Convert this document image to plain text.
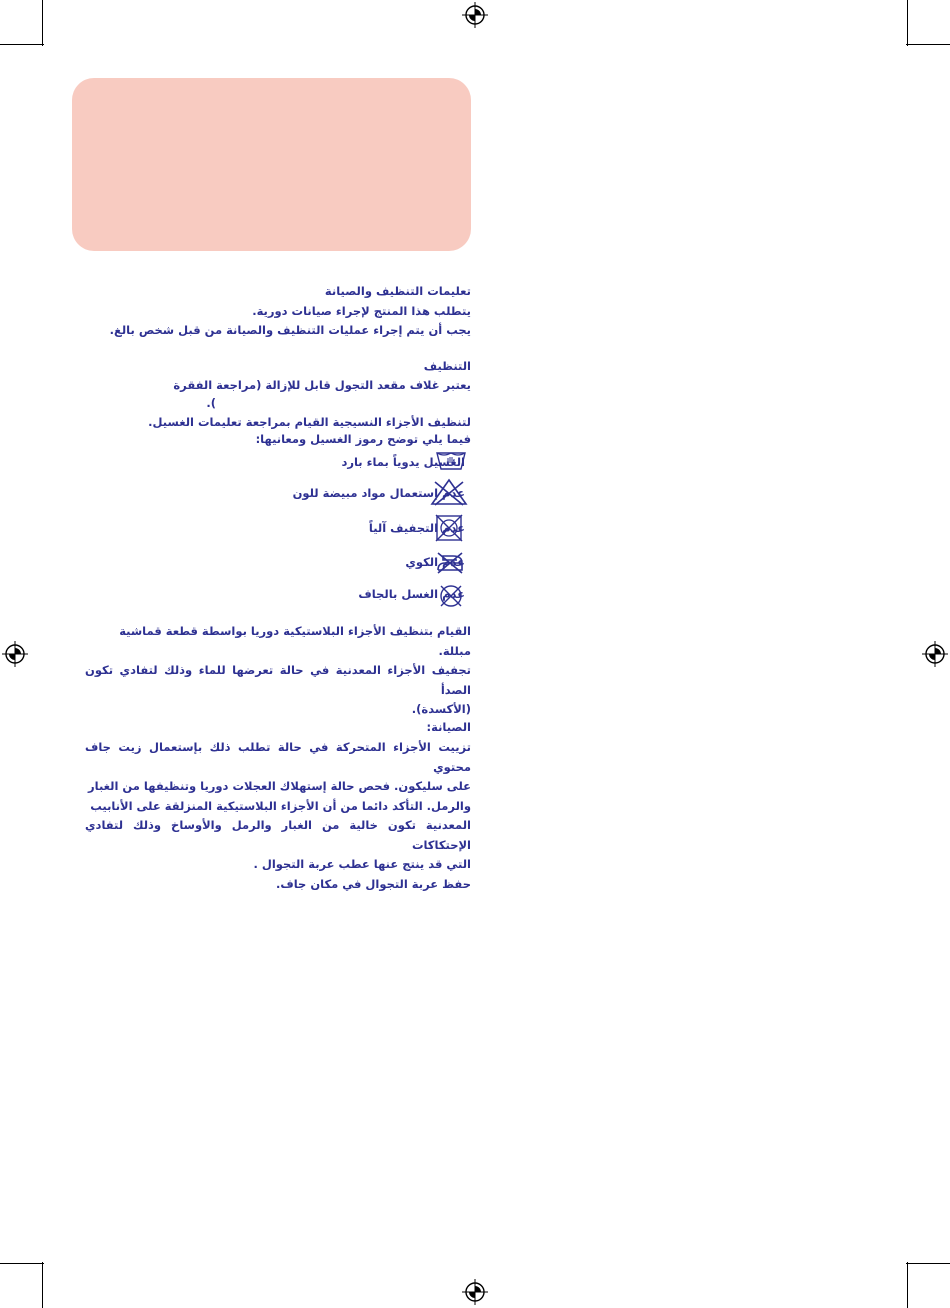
تعليمات التنظيف والصيانة
يتطلب هذا المنتج لإجراء صيانات دورية.
يجب أن يتم إجراء عمليات التنظيف والصيانة من قبل شخص بالغ.
التنظيف
يعتبر غلاف مقعد التجول قابل للإزالة (مراجعة الفقرة
).
لتنظيف الأجزاء النسيجية القيام بمراجعة تعليمات الغسيل.
فيما يلي توضح رموز الغسيل ومعانيها:
الغسيل يدوياً بماء بارد
عدم إستعمال مواد مبيضة للون
عدم التجفيف آلياً
عدم الكوي
عدم الغسل بالجاف

القيام بتنظيف الأجزاء البلاستيكية دوريا بواسطة قطعة قماشية

مبللة.

تجفيف الأجزاء المعدنية في حالة تعرضها للماء وذلك لتفادي تكون الصدأ

(الأكسدة).

الصيانة:

تزييت الأجزاء المتحركة في حالة تطلب ذلك بإستعمال زيت جاف محتوي

على سليكون. فحص حالة إستهلاك العجلات دوريا وتنظيفها من الغبار

والرمل. التأكد دائما من أن الأجزاء البلاستيكية المنزلقة على الأنابيب

المعدنية تكون خالية من الغبار والرمل والأوساخ وذلك لتفادي الإحتكاكات

التي قد ينتج عنها عطب عربة التجوال .

حفظ عربة التجوال في مكان جاف.
